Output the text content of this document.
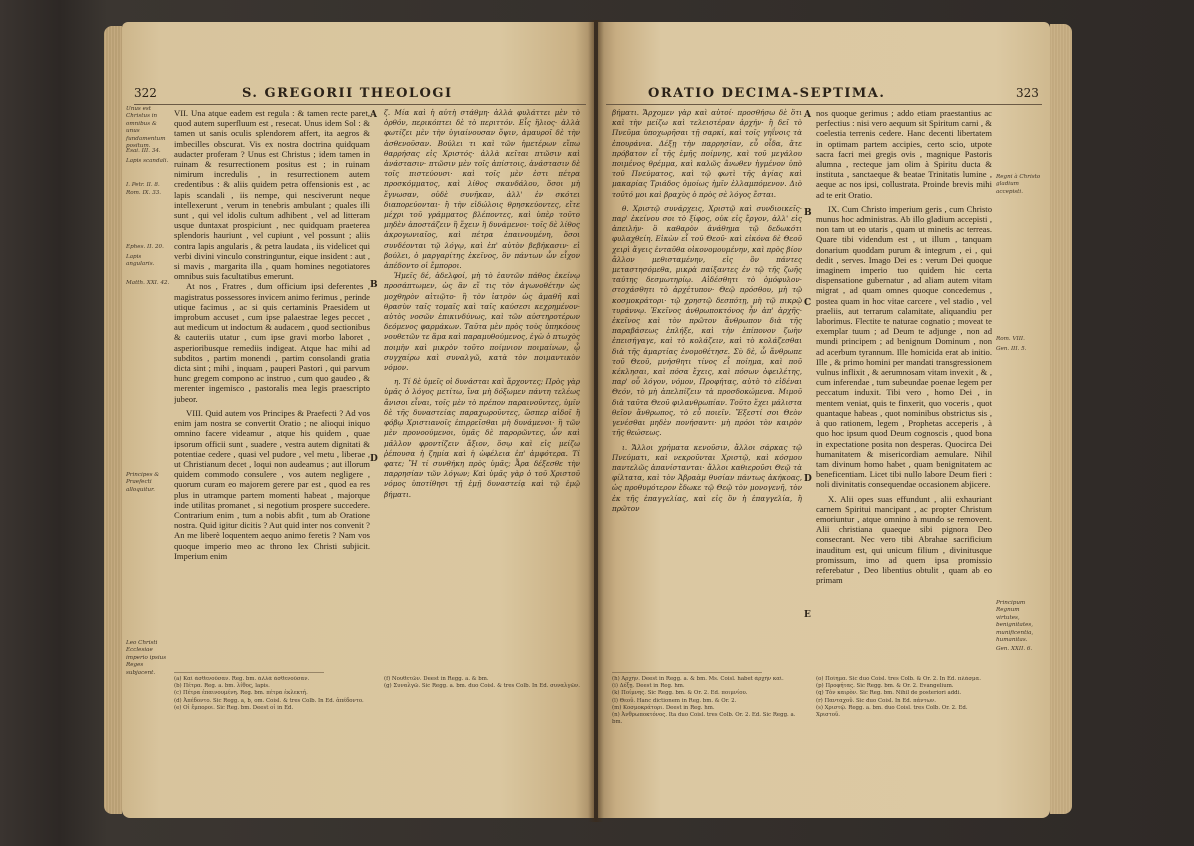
322	S. GREGORII THEOLOGI
Unus est Christus in omnibus & unus fundamentum positum.
Esai. III. 34.
Lapis scandali.
I. Petr. II. 8.
Rom. IX. 33.
Ephes. II. 20.
Lapis angularis.
Matth. XXI. 42.
Principes & Praefecti alloquitur.
Leo Christi Ecclesiae imperio ipsius Reges subjacent.

VII. Una atque eadem est regula : & tamen recte paret, quod autem superfluum est , resecat. Unus idem Sol : & tamen ut sanis oculis splendorem affert, ita aegros & imbecilles obscurat. Vis ex nostra doctrina quidquam audacter proferam ? Unus est Christus ; idem tamen in ruinam & resurrectionem positus est ; in ruinam nimirum incredulis , in resurrectionem autem credentibus : & aliis quidem petra offensionis est , ac lapis scandali , iis nempe, qui nesciverunt neque intellexerunt , verum in tenebris ambulant ; quales illi sunt , qui vel idolis cultum adhibent , vel ad litteram usque duntaxat prospiciunt , nec quidquam praeterea splendoris hauriunt , vel cupiunt , vel possunt ; aliis contra lapis angularis , & petra laudata , iis videlicet qui verbi divini vinculo constringuntur, eique insident : aut , si mavis , margarita illa , quam homines negotiatores omnibus suis facultatibus emerunt.

At nos , Fratres , dum officium ipsi deferentes , magistratus possessores invicem animo ferimus , perinde utique facimus , ac si quis certaminis Praesidem ut improbum accuset , cum ipse palaestrae leges peccet , aut medicum ut indoctum & audacem , quod sectionibus & cauteriis utatur , cum ipse gravi morbo laboret , asperioribusque remediis indigeat. Atque hac mihi ad subditos , partim monendi , partim consolandi gratia dicta sint ; mihi , inquam , pauperi Pastori , qui parvum hunc gregem compono ac instruo , cum quo gaudeo , & merenter ingemisco , pastoralis mea legis praescripto jubeor.

VIII. Quid autem vos Principes & Praefecti ? Ad vos enim jam nostra se convertit Oratio ; ne alioqui iniquo omnino facere videamur , atque his quidem , quae ipsorum officii sunt , suadere , vestra autem dignitati & potentiae cedere , quasi vel pudore , vel metu , liberae , ut Christianum decet , loqui non audeamus ; aut illorum quidem commodo consulere , vos autem negligere , quorum curam eo majorem gerere par est , quod ea res plus in utramque partem momenti habeat , majorque inde utilitas promanet , si negotium prospere succedere. Contrarium enim , tum a nobis abfit , tum ab Oratione nostra. Quid igitur dicitis ? Aut quid inter nos convenit ? An me liberè loquentem aequo animo feretis ? Nam vos quoque imperio meo ac throno lex Christi subjicit. Imperium enim

A
B
D

ζ. Μία καὶ ἡ αὐτὴ στάθμη· ἀλλὰ φυλάττει μὲν τὸ ὀρθόν, περικόπτει δὲ τὸ περιττόν. Εἷς ἥλιος· ἀλλὰ φωτίζει μὲν τὴν ὑγιαίνουσαν ὄψιν, ἀμαυροῖ δὲ τὴν ἀσθενοῦσαν. Βούλει τι καὶ τῶν ἡμετέρων εἴπω θαρρήσας εἰς Χριστός· ἀλλὰ κεῖται πτῶσιν καὶ ἀνάστασιν· πτῶσιν μὲν τοῖς ἀπίστοις, ἀνάστασιν δὲ τοῖς πιστεύουσι· καὶ τοῖς μὲν ἐστι πέτρα προσκόμματος, καὶ λίθος σκανδάλου, ὅσοι μὴ ἔγνωσαν, οὐδὲ συνῆκαν, ἀλλ' ἐν σκότει διαπορεύονται· ἢ τὴν εἰδώλοις θρησκεύοντες, εἴτε μέχρι τοῦ γράμματος βλέποντες, καὶ ὑπὲρ τοῦτο μηδὲν ἀποστάζειν ἢ ἔχειν ἢ δυνάμενοι· τοῖς δὲ λίθος ἀκρογωνιαῖος, καὶ πέτρα ἐπαινουμένη, ὅσοι συνδέονται τῷ λόγῳ, καὶ ἐπ' αὐτὸν βεβήκασιν· εἰ βούλει, ὁ μαργαρίτης ἐκεῖνος, ὃν πάντων ὧν εἶχον ἀπέδοντο οἱ ἔμποροι.

Ἡμεῖς δέ, ἀδελφοί, μὴ τὸ ἑαυτῶν πάθος ἐκείνῳ προσάπτωμεν, ὡς ἂν εἴ τις τὸν ἀγωνοθέτην ὡς μοχθηρὸν αἰτιῷτο· ἢ τὸν ἰατρὸν ὡς ἀμαθῆ καὶ θρασὺν ταῖς τομαῖς καὶ ταῖς καύσεσι κεχρημένον· αὐτὸς νοσῶν ἐπικινδύνως, καὶ τῶν αὐστηροτέρων δεόμενος φαρμάκων. Ταῦτα μὲν πρὸς τοὺς ὑπηκόους νουθετῶν τε ἅμα καὶ παραμυθούμενος, ἐγὼ ὁ πτωχὸς ποιμὴν καὶ μικρὸν τοῦτο ποίμνιον ποιμαίνων, ᾧ συγχαίρω καὶ συναλγῶ, κατὰ τὸν ποιμαντικὸν νόμον.

η. Τί δὲ ὑμεῖς οἱ δυνάσται καὶ ἄρχοντες; Πρὸς γὰρ ὑμᾶς ὁ λόγος μετίτω, ἵνα μὴ δόξωμεν πάντη τελέως ἄνισοι εἶναι, τοῖς μὲν τὸ πρέπον παραινοῦντες, ὑμῖν δὲ τῆς δυναστείας παραχωροῦντες, ὥσπερ αἰδοῖ ἢ φόβῳ Χριστιανοῖς ἐπιρρεῖσθαι μὴ δυνάμενοι· ἢ τῶν μὲν προνοούμενοι, ὑμᾶς δὲ παρορῶντες, ὧν καὶ μᾶλλον φροντίζειν ἄξιον, ὅσῳ καὶ εἰς μείζω ῥέπουσα ἡ ζημία καὶ ἡ ὠφέλεια ἐπ' ἀμφότερα. Τί φατε; Ἢ τί συνθήκη πρὸς ὑμᾶς; Ἆρα δέξεσθε τὴν παρρησίαν τῶν λόγων; Καὶ ὑμᾶς γὰρ ὁ τοῦ Χριστοῦ νόμος ὑποτίθησι τῇ ἐμῇ δυναστείᾳ καὶ τῷ ἐμῷ βήματι.

(a) Καὶ ἀσθενοῦσαν. Reg. bm. ἀλλὰ ἀσθενοῦσαν.

(b) Πέτρα. Reg. a. bm. λίθος, lapis.

(c) Πέτρα ἐπαινουμένη. Reg. bm. πέτρα ἐκλεκτή.

(d) Ἀπέδοντο. Sic Regg. a, b, om. Coisl. & tres Colb. In Ed. ἀπέδοντο.

(e) Οἱ ἔμποροι. Sic Reg. bm. Deest οἱ in Ed.

(f) Νουθετῶν. Deest in Regg. a. & bm.

(g) Συναλγῶ. Sic Regg. a. bm. duo Coisl. & tres Colb. In Ed. συναλγῶν.

ORATIO DECIMA-SEPTIMA.	323

βήματι. Ἄρχομεν γὰρ καὶ αὐτοί· προσθήσω δὲ ὅτι καὶ τὴν μείζω καὶ τελειοτέραν ἀρχήν· ἢ δεῖ τὸ Πνεῦμα ὑποχωρῆσαι τῇ σαρκί, καὶ τοῖς γηΐνοις τὰ ἐπουράνια. Δέξῃ τὴν παρρησίαν, εὖ οἶδα, ἅτε πρόβατον εἶ τῆς ἐμῆς ποίμνης, καὶ τοῦ μεγάλου ποιμένος θρέμμα, καὶ καλῶς ἄνωθεν ἠγμένον ὑπὸ τοῦ Πνεύματος, καὶ τῷ φωτὶ τῆς ἁγίας καὶ μακαρίας Τριάδος ὁμοίως ἡμῖν ἐλλαμπόμενον. Διὸ τοῦτό μοι καὶ βραχὺς ὁ πρὸς σὲ λόγος ἔσται.

θ. Χριστῷ συνάρχεις, Χριστῷ καὶ συνδιοικεῖς· παρ' ἐκείνου σοι τὸ ξίφος, οὐκ εἰς ἔργον, ἀλλ' εἰς ἀπειλήν· ὃ καθαρὸν ἀνάθημα τῷ δεδωκότι φυλαχθείη. Εἰκὼν εἶ τοῦ Θεοῦ· καὶ εἰκόνα δὲ Θεοῦ χειρὶ ἄγεις ἐνταῦθα οἰκονομουμένην, καὶ πρὸς βίον ἄλλον μεθισταμένην, εἰς ὃν πάντες μεταστησόμεθα, μικρὰ παίξαντες ἐν τῷ τῆς ζωῆς ταύτης δεσμωτηρίῳ. Αἰδέσθητι τὸ ὁμόφυλον· στοχάσθητι τὸ ἀρχέτυπον· Θεῷ πρόσθου, μὴ τῷ κοσμοκράτορι· τῷ χρηστῷ δεσπότῃ, μὴ τῷ πικρῷ τυράννῳ. Ἐκεῖνος ἀνθρωποκτόνος ἦν ἀπ' ἀρχῆς· ἐκεῖνος καὶ τὸν πρῶτον ἄνθρωπον διὰ τῆς παραβάσεως ἐπλήξε, καὶ τὴν ἐπίπονον ζωὴν ἐπεισήγαγε, καὶ τὸ κολάζειν, καὶ τὸ κολάζεσθαι διὰ τῆς ἁμαρτίας ἐνομοθέτησε. Σὺ δὲ, ὦ ἄνθρωπε τοῦ Θεοῦ, μνήσθητι τίνος εἶ ποίημα, καὶ ποῦ κέκλησαι, καὶ πόσα ἔχεις, καὶ πόσων ὀφειλέτης, παρ' οὗ λόγον, νόμον, Προφήτας, αὐτὸ τὸ εἰδέναι Θεόν, τὸ μὴ ἀπελπίζειν τὰ προσδοκώμενα. Μιμοῦ διὰ ταῦτα Θεοῦ φιλανθρωπίαν. Τοῦτο ἔχει μάλιστα θεῖον ἄνθρωπος, τὸ εὖ ποιεῖν. Ἔξεστί σοι Θεὸν γενέσθαι μηδὲν πονήσαντι· μὴ πρόοι τὸν καιρὸν τῆς θεώσεως.

ι. Ἄλλοι χρήματα κενοῦσιν, ἄλλοι σάρκας τῷ Πνεύματι, καὶ νεκροῦνται Χριστῷ, καὶ κόσμου παντελῶς ἀπανίστανται· ἄλλοι καθιεροῦσι Θεῷ τὰ φίλτατα, καὶ τὸν Ἀβραὰμ θυσίαν πάντως ἀκήκοας, ὡς προθυμότερον ἔδωκε τῷ Θεῷ τὸν μονογενῆ, τὸν ἐκ τῆς ἐπαγγελίας, καὶ εἰς ὃν ἡ ἐπαγγελία, ἢ πρῶτον

A
B
C
D
E

nos quoque gerimus ; addo etiam praestantius ac perfectius : nisi vero aequum sit Spiritum carni , & coelestia terrenis cedere. Hanc decenti libertatem in optimam partem accipies, certo scio, utpote sacra facri mei gregis ovis , magnique Pastoris alumna , recteque jam olim à Spiritu ducta & instituta , sanctaeque & beatae Trinitatis lumine , aeque ac nos ipsi, collustrata. Proinde brevis mihi ad te erit Oratio.

IX. Cum Christo imperium geris , cum Christo munus hoc administras. Ab illo gladium accepisti , non tam ut eo utaris , quam ut minetis ac terreas. Quare tibi videndum est , ut illum , tanquam donarium quoddam purum & integrum , ei , qui dedit , serves. Imago Dei es : verum Dei quoque imaginem imperio tuo quidem hic certa dispensatione gubernatur , ad aliam autem vitam migrat , ad quam omnes quoque concedemus , postea quam in hoc vitae carcere , vel stadio , vel praeliis, aut terrarum calamitate, aliquandiu per laborimus. Flectite te naturae cognatio ; moveat te exemplar tuum ; ad Deum te adjunge , non ad mundi principem ; ad benignum Dominum , non ad acerbum tyrannum. Ille homicida erat ab initio. Ille , & primo homini per mandati transgressionem vulnus inflixit , & aerumnosam vitam invexit , & , cum inferendae , tum subeundae poenae legem per peccatum induxit. Tibi vero , homo Dei , in mentem veniat, quis te finxerit, quo voceris , quot quantaque habeas , quot nominibus obstrictus sis , à quo rationem, legem , Prophetas acceperis , à quo hoc ipsum quod Deum cognoscis , quod bona in expectatione posita non desperas. Quocirca Dei humanitatem & misericordiam aemulare. Nihil tam divinum homo habet , quam benignitatem ac beneficentiam. Licet tibi nullo labore Deum fieri : noli divinitatis consequendae occasionem abjicere.

X. Alii opes suas effundunt , alii exhauriant carnem Spiritui mancipant , ac propter Christum emoriuntur , atque omnino à mundo se removent. Alii christiana quaeque sibi pignora Deo consecrant. Nec vero tibi Abrahae sacrificium inauditum est, qui unicum filium , divinitusque promissum, imo ad quem ipsa promissio referebatur , Deo libentius obtulit , quam ab eo primam

Regni à Christo gladium accepisti.
Rom. VIII.
Gen. III. 5.
Principum Regnum virtutes, benignitates, munificentia, humanitas.
Gen. XXII. 6.

(h) Ἀρχήν. Deest in Regg. a. & bm. Ms. Coisl. habet ἀρχὴν καὶ.

(i) Δέξῃ. Deest in Reg. hm.

(k) Ποίμνης. Sic Regg. bm. & Or. 2. Ed. ποιμνίου.

(l) Θεοῦ. Hanc dictionem in Reg. bm. & Or. 2.

(m) Κοσμοκράτορι. Deest in Reg. hm.

(n) Ἀνθρωποκτόνος. Ita duo Coisl. tres Colb. Or. 2. Ed. Sic Regg. a. bm.

(o) Ποίημα. Sic duo Coisl. tres Colb. & Or. 2. In Ed. πλάσμα.

(p) Προφήτας. Sic Regg. bm. & Or. 2. Evangelium.

(q) Τὸν καιρὸν. Sic Reg. bm. Nihil de posteriori addi.

(r) Πανταχοῦ. Sic duo Coisl. In Ed. πάντων.

(s) Χριστῷ. Regg. a. bm. duo Coisl. tres Colb. Or. 2. Ed. Χριστοῦ.
